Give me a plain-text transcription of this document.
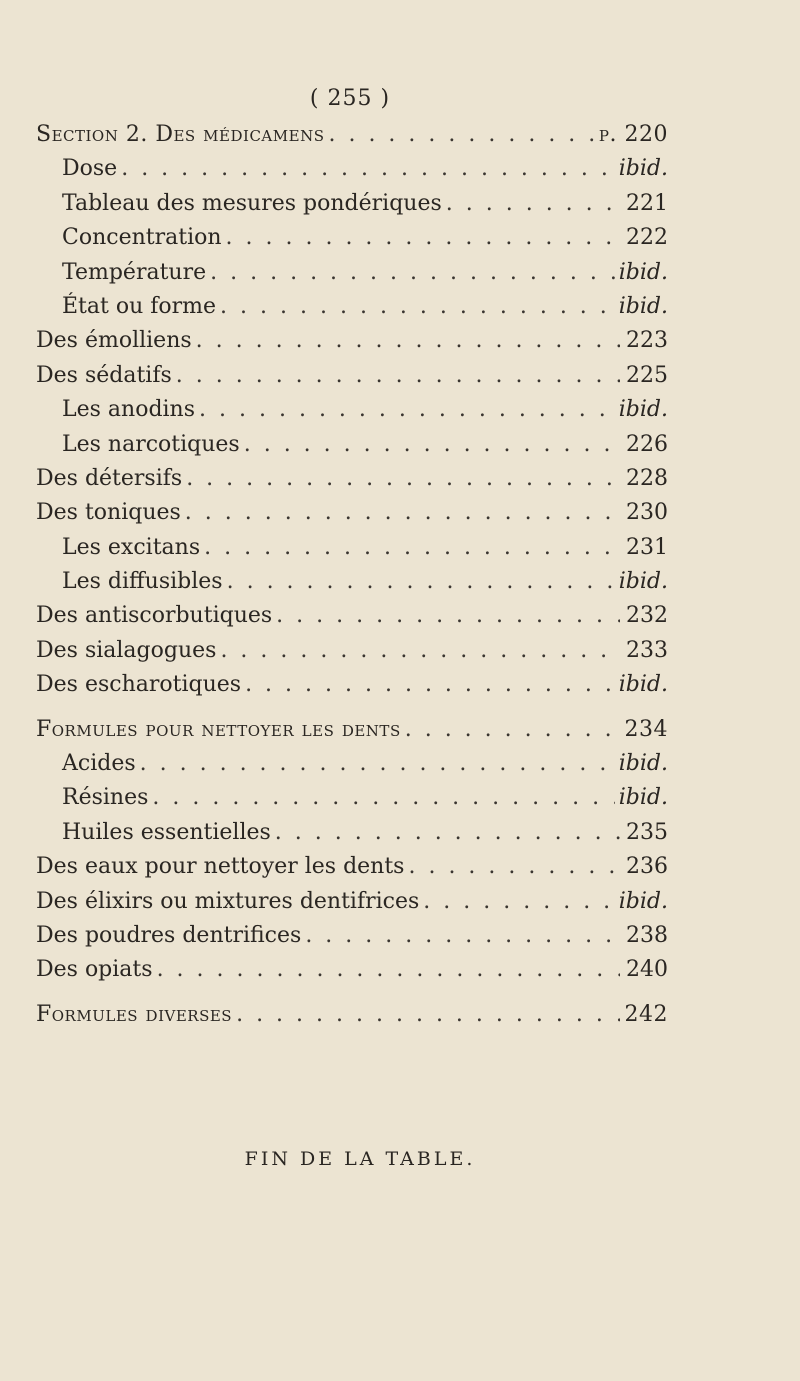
( 255 )
Section 2. Des médicamens . . .	p. 220
Dose . . .	ibid.
Tableau des mesures pondériques . . .	221
Concentration . . .	222
Température . . .	ibid.
État ou forme . . .	ibid.
Des émolliens . . .	223
Des sédatifs . . .	225
Les anodins . . .	ibid.
Les narcotiques . . .	226
Des détersifs . . .	228
Des toniques . . .	230
Les excitans . . .	231
Les diffusibles . . .	ibid.
Des antiscorbutiques . . .	232
Des sialagogues . . .	233
Des escharotiques . . .	ibid.
Formules pour nettoyer les dents . . .	234
Acides . . .	ibid.
Résines . . .	ibid.
Huiles essentielles . . .	235
Des eaux pour nettoyer les dents . . .	236
Des élixirs ou mixtures dentifrices . . .	ibid.
Des poudres dentrifices . . .	238
Des opiats . . .	240
Formules diverses . . .	242
FIN DE LA TABLE.
